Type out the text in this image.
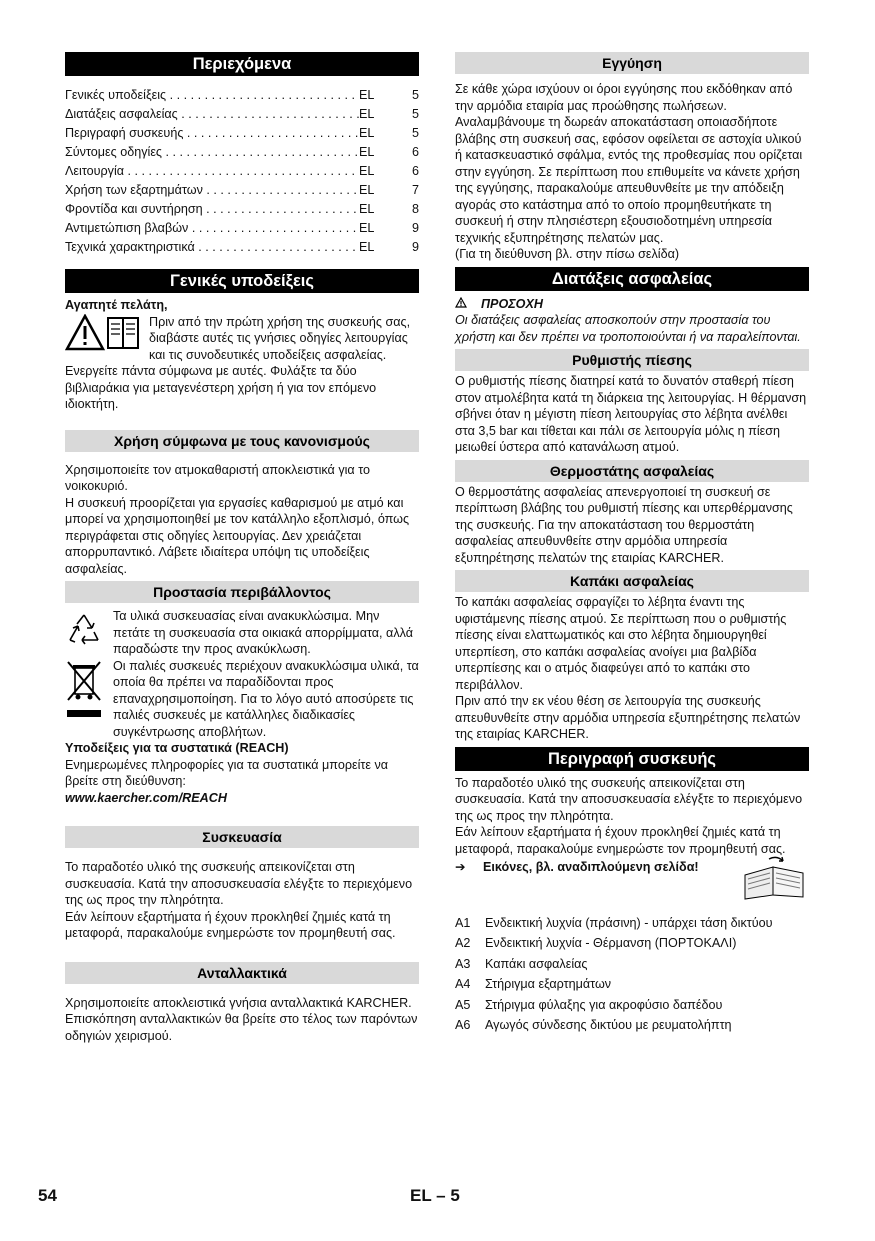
Περιεχόμενα
Γενικές υποδείξεις . . .	EL	5
Διατάξεις ασφαλείας . . .	EL	5
Περιγραφή συσκευής . . .	EL	5
Σύντομες οδηγίες . . .	EL	6
Λειτουργία . . .	EL	6
Χρήση των εξαρτημάτων . . .	EL	7
Φροντίδα και συντήρηση . . .	EL	8
Αντιμετώπιση βλαβών . . .	EL	9
Τεχνικά χαρακτηριστικά . . .	EL	9
Γενικές υποδείξεις

Αγαπητέ πελάτη,

Πριν από την πρώτη χρήση της συσκευής σας, διαβάστε αυτές τις γνήσιες οδηγίες λειτουργίας και τις συνοδευτικές υποδείξεις ασφαλείας. Ενεργείτε πάντα σύμφωνα με αυτές. Φυλάξτε τα δύο βιβλιαράκια για μεταγενέστερη χρήση ή για τον επόμενο ιδιοκτήτη.

Χρήση σύμφωνα με τους κανονισμούς

Χρησιμοποιείτε τον ατμοκαθαριστή αποκλειστικά για το νοικοκυριό.

Η συσκευή προορίζεται για εργασίες καθαρισμού με ατμό και μπορεί να χρησιμοποιηθεί με τον κατάλληλο εξοπλισμό, όπως περιγράφεται στις οδηγίες λειτουργίας. Δεν χρειάζεται απορρυπαντικό. Λάβετε ιδιαίτερα υπόψη τις υποδείξεις ασφαλείας.

Προστασία περιβάλλοντος

Τα υλικά συσκευασίας είναι ανακυκλώσιμα. Μην πετάτε τη συσκευασία στα οικιακά απορρίμματα, αλλά παραδώστε την προς ανακύκλωση.

Οι παλιές συσκευές περιέχουν ανακυκλώσιμα υλικά, τα οποία θα πρέπει να παραδίδονται προς επαναχρησιμοποίηση. Για το λόγο αυτό αποσύρετε τις παλιές συσκευές με κατάλληλες διαδικασίες συγκέντρωσης αποβλήτων.

Υποδείξεις για τα συστατικά (REACH)

Ενημερωμένες πληροφορίες για τα συστατικά μπορείτε να βρείτε στη διεύθυνση:

www.kaercher.com/REACH

Συσκευασία

Το παραδοτέο υλικό της συσκευής απεικονίζεται στη συσκευασία. Κατά την αποσυσκευασία ελέγξτε το περιεχόμενο της ως προς την πληρότητα.

Εάν λείπουν εξαρτήματα ή έχουν προκληθεί ζημιές κατά τη μεταφορά, παρακαλούμε ενημερώστε τον προμηθευτή σας.

Ανταλλακτικά

Χρησιμοποιείτε αποκλειστικά γνήσια ανταλλακτικά KARCHER. Επισκόπηση ανταλλακτικών θα βρείτε στο τέλος των παρόντων οδηγιών χειρισμού.

Εγγύηση

Σε κάθε χώρα ισχύουν οι όροι εγγύησης που εκδόθηκαν από την αρμόδια εταιρία μας προώθησης πωλήσεων. Αναλαμβάνουμε τη δωρεάν αποκατάσταση οποιασδήποτε βλάβης στη συσκευή σας, εφόσον οφείλεται σε αστοχία υλικού ή κατασκευαστικό σφάλμα, εντός της προθεσμίας που ορίζεται στην εγγύηση. Σε περίπτωση που επιθυμείτε να κάνετε χρήση της εγγύησης, παρακαλούμε απευθυνθείτε με την απόδειξη αγοράς στο κατάστημα από το οποίο προμηθευτήκατε τη συσκευή ή στην πλησιέστερη εξουσιοδοτημένη υπηρεσία τεχνικής εξυπηρέτησης πελατών μας.

(Για τη διεύθυνση βλ. στην πίσω σελίδα)

Διατάξεις ασφαλείας

ΠΡΟΣΟΧΗ

Οι διατάξεις ασφαλείας αποσκοπούν στην προστασία του χρήστη και δεν πρέπει να τροποποιούνται ή να παραλείπονται.

Ρυθμιστής πίεσης

Ο ρυθμιστής πίεσης διατηρεί κατά το δυνατόν σταθερή πίεση στον ατμολέβητα κατά τη διάρκεια της λειτουργίας. Η θέρμανση σβήνει όταν η μέγιστη πίεση λειτουργίας στο λέβητα ανέλθει στα 3,5 bar και τίθεται και πάλι σε λειτουργία μόλις η πίεση μειωθεί ύστερα από κατανάλωση ατμού.

Θερμοστάτης ασφαλείας

Ο θερμοστάτης ασφαλείας απενεργοποιεί τη συσκευή σε περίπτωση βλάβης του ρυθμιστή πίεσης και υπερθέρμανσης της συσκευής. Για την αποκατάσταση του θερμοστάτη ασφαλείας απευθυνθείτε στην αρμόδια υπηρεσία εξυπηρέτησης πελατών της εταιρίας KARCHER.

Καπάκι ασφαλείας

Το καπάκι ασφαλείας σφραγίζει το λέβητα έναντι της υφιστάμενης πίεσης ατμού. Σε περίπτωση που ο ρυθμιστής πίεσης είναι ελαττωματικός και στο λέβητα δημιουργηθεί υπερπίεση, στο καπάκι ασφαλείας ανοίγει μια βαλβίδα υπερπίεσης και ο ατμός διαφεύγει από το καπάκι στο περιβάλλον.

Πριν από την εκ νέου θέση σε λειτουργία της συσκευής απευθυνθείτε στην αρμόδια υπηρεσία εξυπηρέτησης πελατών της εταιρίας KARCHER.

Περιγραφή συσκευής

Το παραδοτέο υλικό της συσκευής απεικονίζεται στη συσκευασία. Κατά την αποσυσκευασία ελέγξτε το περιεχόμενο της ως προς την πληρότητα.

Εάν λείπουν εξαρτήματα ή έχουν προκληθεί ζημιές κατά τη μεταφορά, παρακαλούμε ενημερώστε τον προμηθευτή σας.

➔	Εικόνες, βλ. αναδιπλούμενη σελίδα!
A1	Ενδεικτική λυχνία (πράσινη) - υπάρχει τάση δικτύου
A2	Ενδεικτική λυχνία - Θέρμανση (ΠΟΡΤΟΚΑΛΙ)
A3	Καπάκι ασφαλείας
A4	Στήριγμα εξαρτημάτων
A5	Στήριγμα φύλαξης για ακροφύσιο δαπέδου
A6	Αγωγός σύνδεσης δικτύου με ρευματολήπτη
54	EL – 5
